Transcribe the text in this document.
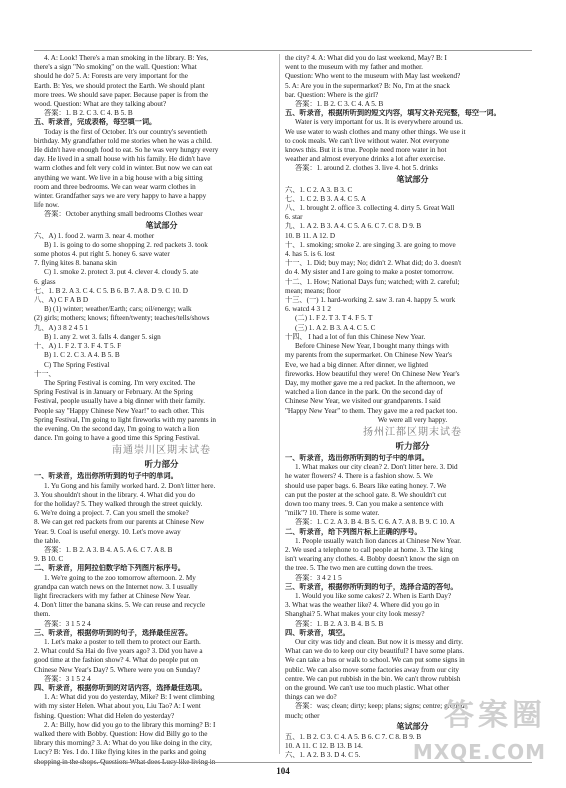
4. A: Look! There's a man smoking in the library. B: Yes,
there's a sign "No smoking" on the wall. Question: What
should he do? 5. A: Forests are very important for the
Earth. B: Yes, we should protect the Earth. We should plant
more trees. We should save paper. Because paper is from the
wood. Question: What are they talking about?
答案：1. B 2. C 3. C 4. B 5. B
五、听录音，完成表格，每空填一词。
Today is the first of October. It's our country's seventieth
birthday. My grandfather told me stories when he was a child.
He didn't have enough food to eat. So he was very hungry every
day. He lived in a small house with his family. He didn't have
warm clothes and felt very cold in winter. But now we can eat
anything we want. We live in a big house with a big sitting
room and three bedrooms. We can wear warm clothes in
winter. Grandfather says we are very happy to have a happy
life now.
答案：October anything small bedrooms Clothes wear
笔试部分
六、A) 1. food 2. warm 3. near 4. mother
B) 1. is going to do some shopping 2. red packets 3. took
some photos 4. put right 5. honey 6. save water
7. flying kites 8. banana skin
C) 1. smoke 2. protect 3. put 4. clever 4. cloudy 5. ate
6. glass
七、1. B 2. A 3. C 4. C 5. B 6. B 7. A 8. D 9. C 10. D
八、A) C F A B D
B) (1) winter; weather/Earth; cars; oil/energy; walk
(2) girls; mothers; knows; fifteen/twenty; teaches/tells/shows
九、A) 3 8 2 4 5 1
B) 1. any 2. wet 3. falls 4. danger 5. sign
十、A) 1. F 2. T 3. F 4. T 5. F
B) 1. C 2. C 3. A 4. B 5. B
C) The Spring Festival
十一、
The Spring Festival is coming. I'm very excited. The
Spring Festival is in January or February. At the Spring
Festival, people usually have a big dinner with their family.
People say "Happy Chinese New Year!" to each other. This
Spring Festival, I'm going to light fireworks with my parents in
the evening. On the second day, I'm going to watch a lion
dance. I'm going to have a good time this Spring Festival.
南通崇川区期末试卷
听力部分
一、听录音，选出你所听到的句子中的单词。
1. Yu Gong and his family worked hard. 2. Don't litter here.
3. You shouldn't shout in the library. 4. What did you do
for the holiday? 5. They walked through the street quickly.
6. We're doing a project. 7. Can you smell the smoke?
8. We can get red packets from our parents at Chinese New
Year. 9. Coal is useful energy. 10. Let's move away
the table.
答案：1. B 2. A 3. B 4. A 5. A 6. C 7. A 8. B
9. B 10. C
二、听录音，用阿拉伯数字给下列图片标序号。
1. We're going to the zoo tomorrow afternoon. 2. My
grandpa can watch news on the Internet now. 3. I usually
light firecrackers with my father at Chinese New Year.
4. Don't litter the banana skins. 5. We can reuse and recycle
them.
答案：3 1 5 2 4
三、听录音，根据你听到的句子，选择最佳应答。
1. Let's make a poster to tell them to protect our Earth.
2. What could Sa Hai do five years ago? 3. Did you have a
good time at the fashion show? 4. What do people put on
Chinese New Year's Day? 5. Where were you on Sunday?
答案：3 1 5 2 4
四、听录音，根据你听到的对话内容，选择最佳选项。
1. A: What did you do yesterday, Mike? B: I went climbing
with my sister Helen. What about you, Liu Tao? A: I went
fishing. Question: What did Helen do yesterday?
2. A: Billy, how did you go to the library this morning? B: I
walked there with Bobby. Question: How did Billy go to the
library this morning? 3. A: What do you like doing in the city,
Lucy? B: Yes. I do. I like flying kites in the parks and going
the city? 4. A: What did you do last weekend, May? B: I
went to the museum with my father and mother.
Question: Who went to the museum with May last weekend?
5. A: Are you in the supermarket? B: No, I'm at the snack
bar. Question: Where is the girl?
答案：1. B 2. C 3. C 4. A 5. B
五、听录音，根据所听到的短文内容，填写文补充完整，每空一词。
Water is very important for us. It is everywhere around us.
We use water to wash clothes and many other things. We use it
to cook meals. We can't live without water. Not everyone
knows this. But it is true. People need more water in hot
weather and almost everyone drinks a lot after exercise.
答案：1. around 2. clothes 3. live 4. hot 5. drinks
笔试部分
六、1. C 2. A 3. B 3. C
七、1. C 2. B 3. A 4. C 5. A
八、1. brought 2. office 3. collecting 4. dirty 5. Great Wall
6. star
九、1. A 2. B 3. A 4. C 5. A 6. C 7. C 8. D 9. B
10. B 11. A 12. D
十、1. smoking; smoke 2. are singing 3. are going to move
4. has 5. is 6. lost
十一、1. Did; buy may; No; didn't 2. What did; do 3. doesn't
do 4. My sister and I are going to make a poster tomorrow.
十二、1. How; National Days fun; watched; with 2. careful;
mean; means; floor
十三、(一) 1. hard-working 2. saw 3. ran 4. happy 5. work
6. watcd 4 3 1 2
(二) 1. F 2. T 3. T 4. F 5. T
(三) 1. A 2. B 3. A 4. C 5. C
十四、 I had a lot of fun this Chinese New Year.
Before Chinese New Year, I bought many things with
my parents from the supermarket. On Chinese New Year's
Eve, we had a big dinner. After dinner, we lighted
fireworks. How beautiful they were! On Chinese New Year's
Day, my mother gave me a red packet. In the afternoon, we
watched a lion dance in the park. On the second day of
Chinese New Year, we visited our grandparents. I said
"Happy New Year" to them. They gave me a red packet too.
We were all very happy.
扬州江都区期末试卷
听力部分
一、听录音，选出你所听到的句子中的单词。
1. What makes our city clean? 2. Don't litter here. 3. Did
he water flowers? 4. There is a fashion show. 5. We
should use paper bags. 6. Bears like eating honey. 7. We
can put the poster at the school gate. 8. We shouldn't cut
down too many trees. 9. Can you make a sentence with
"milk"? 10. There is some water.
答案：1. C 2. A 3. B 4. B 5. C 6. A 7. A 8. B 9. C 10. A
二、听录音，给下列图片标上正确的序号。
1. People usually watch lion dances at Chinese New Year.
2. We used a telephone to call people at home. 3. The king
isn't wearing any clothes. 4. Bobby doesn't know the sign on
the tree. 5. The two men are cutting down the trees.
答案：3 4 2 1 5
三、听录音，根据你所听到的句子，选择合适的答句。
1. Would you like some cakes? 2. When is Earth Day?
3. What was the weather like? 4. Where did you go in
Shanghai? 5. What makes your city look messy?
答案：1. B 2. A 3. B 4. B 5. B
四、听录音，填空。
Our city was tidy and clean. But now it is messy and dirty.
What can we do to keep our city beautiful? I have some plans.
We can take a bus or walk to school. We can put some signs in
public. We can also move some factories away from our city
centre. We can put rubbish in the bin. We can't throw rubbish
on the ground. We can't use too much plastic. What other
things can we do?
答案：was; clean; dirty; keep; plans; signs; centre; grounds
much; other
笔试部分
五、1. B 2. C 3. C 4. A 5. B 6. C 7. C 8. B 9. B
10. A 11. C 12. B 13. B 14.
六、1. A 2. B 3. D 4. C 5.
104
答案圈
MXQE.COM
